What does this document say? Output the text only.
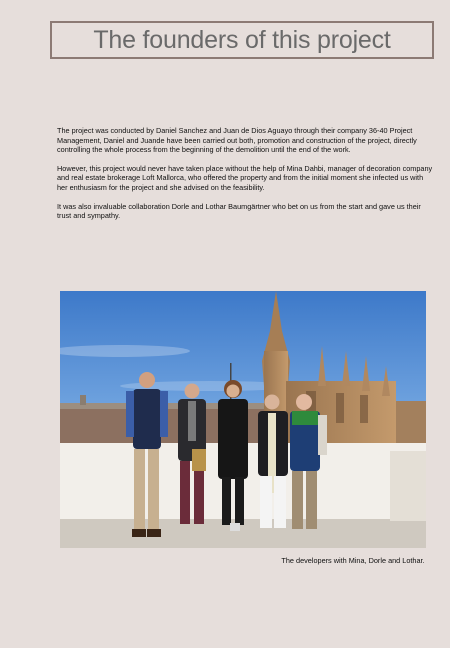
The founders of this project

The project was conducted by Daniel Sanchez and Juan de Dios Aguayo through their company 36-40 Project Management, Daniel and Juande have been carried out both, promotion and construction of the project, directly controlling the whole process from the beginning of the demolition until the end of the work.

However, this project would never have taken place without the help of Mina Dahbi, manager of decoration company and real estate brokerage Loft Mallorca, who offered the property and from the initial moment she infected us with her enthusiasm for the project and she advised on the feasibility.

It was also invaluable collaboration Dorle and Lothar Baumgärtner who bet on us from the start and gave us their trust and sympathy.

The developers with Mina, Dorle and Lothar.
